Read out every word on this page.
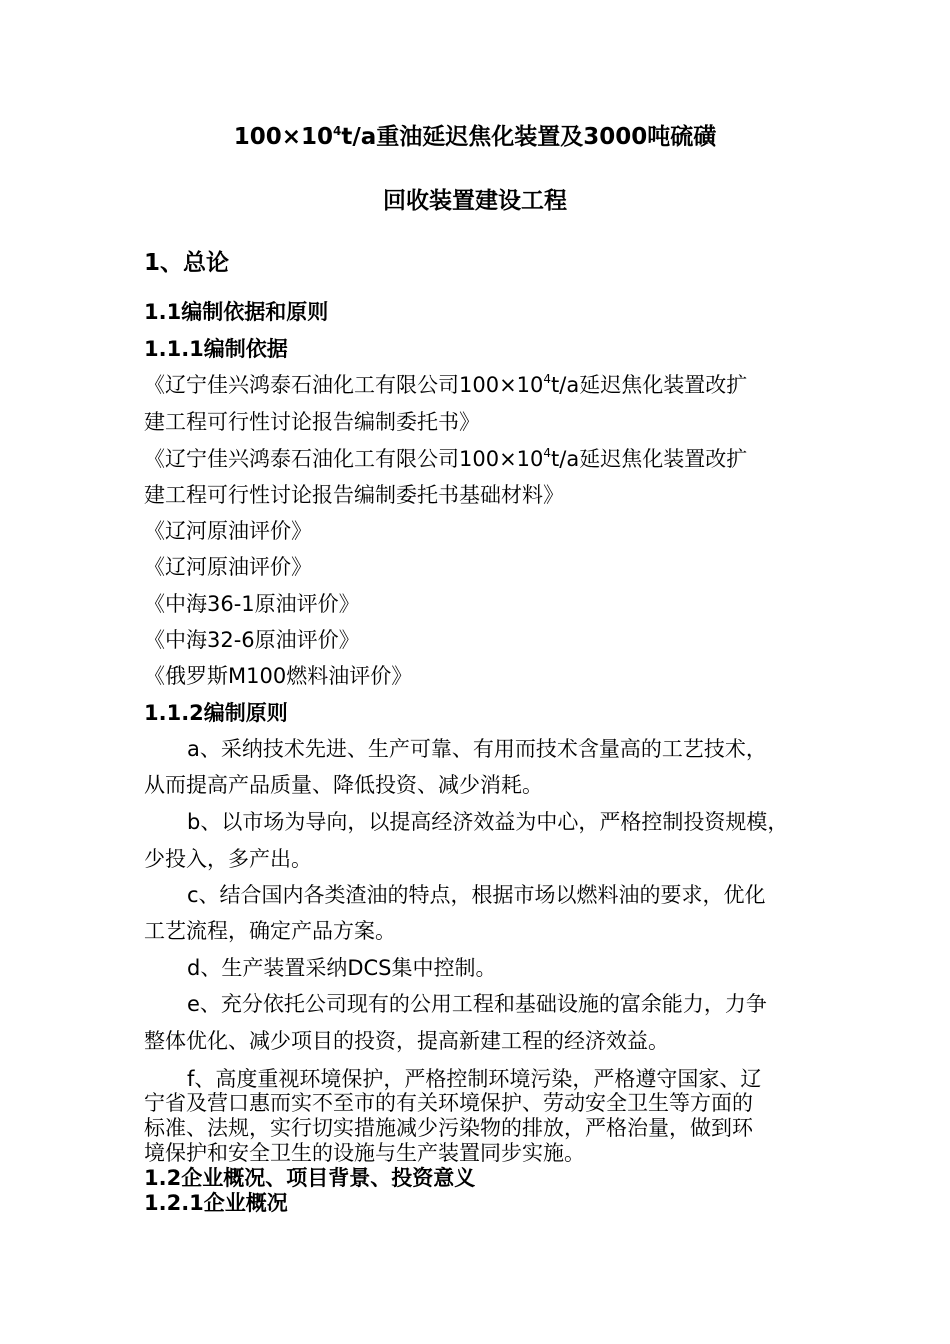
$100\times 10^4t/a$重油延迟焦化装置及3000吨硫磺
回收装置建设工程
1、总论
1.1编制依据和原则
1.1.1编制依据
《辽宁佳兴鸿泰石油化工有限公司$100\times 10^4t/a$延迟焦化装置改扩
建工程可行性讨论报告编制委托书》
《辽宁佳兴鸿泰石油化工有限公司$100\times 10^4t/a$延迟焦化装置改扩
建工程可行性讨论报告编制委托书基础材料》
《辽河原油评价》
《辽河原油评价》
《中海36-1原油评价》
《中海32-6原油评价》
《俄罗斯M100燃料油评价》
1.1.2编制原则
a、采纳技术先进、生产可靠、有用而技术含量高的工艺技术，
从而提高产品质量、降低投资、减少消耗。
b、以市场为导向，以提高经济效益为中心，严格控制投资规模，
少投入，多产出。
c、结合国内各类渣油的特点，根据市场以燃料油的要求，优化
工艺流程，确定产品方案。
d、生产装置采纳DCS集中控制。
e、充分依托公司现有的公用工程和基础设施的富余能力，力争
整体优化、减少项目的投资，提高新建工程的经济效益。
f、高度重视环境保护，严格控制环境污染，严格遵守国家、辽
宁省及营口惠而实不至市的有关环境保护、劳动安全卫生等方面的
标准、法规，实行切实措施减少污染物的排放，严格治量，做到环
境保护和安全卫生的设施与生产装置同步实施。
1.2企业概况、项目背景、投资意义
1.2.1企业概况
